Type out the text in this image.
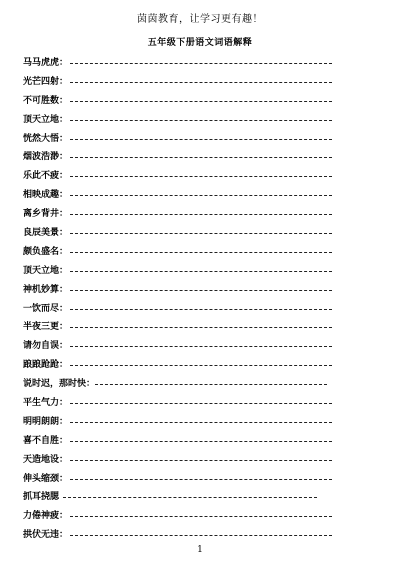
茵茵教育，让学习更有趣！
五年级下册语文词语解释
马马虎虎：
光芒四射：
不可胜数：
顶天立地：
恍然大悟：
烟波浩渺：
乐此不疲：
相映成趣：
离乡背井：
良辰美景：
颇负盛名：
顶天立地：
神机妙算：
一饮而尽：
半夜三更：
请勿自误：
踉踉跄跄：
说时迟，那时快：
平生气力：
明明朗朗：
喜不自胜：
天造地设：
伸头缩颈：
抓耳挠腮
力倦神疲：
拱伏无违：
1
